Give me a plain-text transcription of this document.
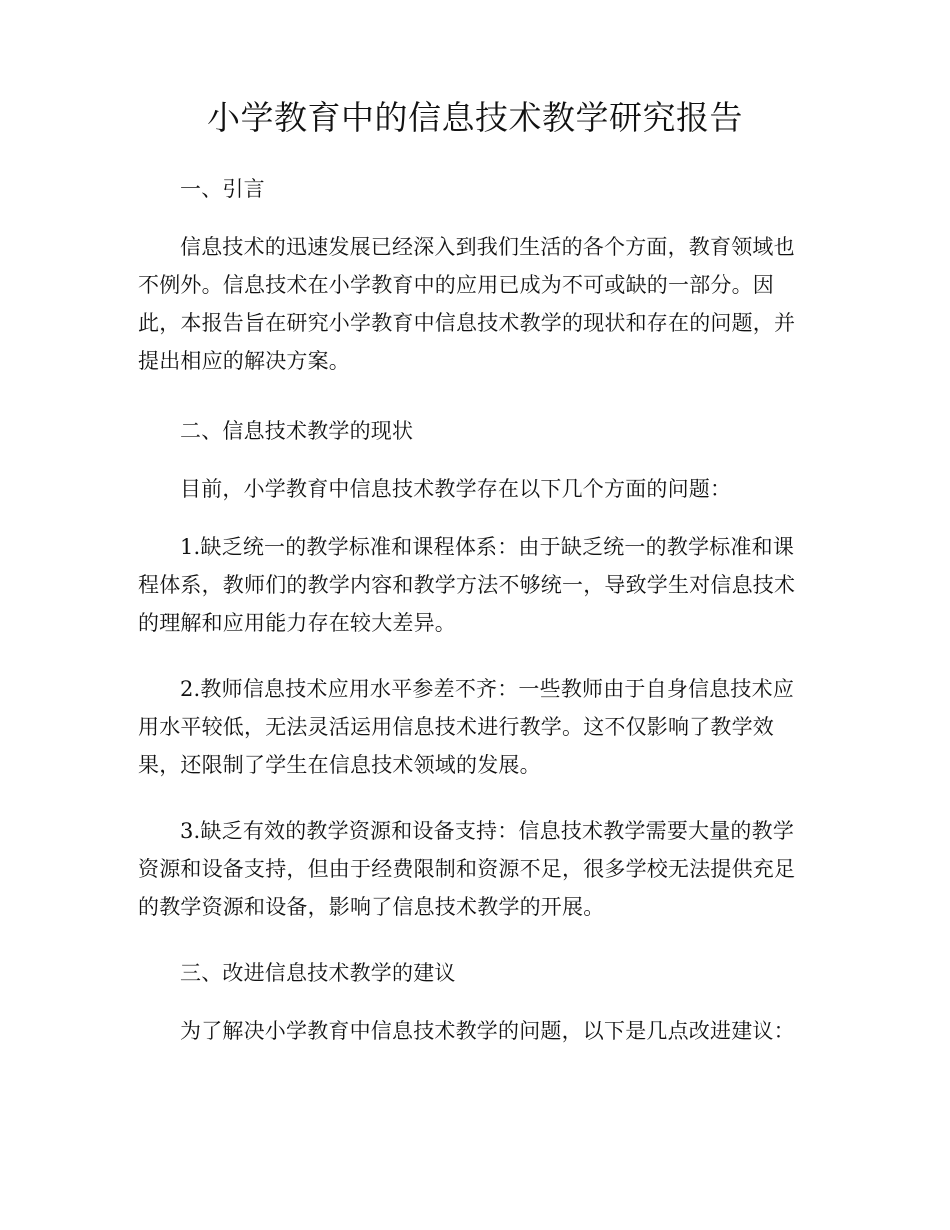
小学教育中的信息技术教学研究报告

一、引言

信息技术的迅速发展已经深入到我们生活的各个方面，教育领域也不例外。信息技术在小学教育中的应用已成为不可或缺的一部分。因此，本报告旨在研究小学教育中信息技术教学的现状和存在的问题，并提出相应的解决方案。

二、信息技术教学的现状

目前，小学教育中信息技术教学存在以下几个方面的问题：

1.缺乏统一的教学标准和课程体系：由于缺乏统一的教学标准和课程体系，教师们的教学内容和教学方法不够统一，导致学生对信息技术的理解和应用能力存在较大差异。

2.教师信息技术应用水平参差不齐：一些教师由于自身信息技术应用水平较低，无法灵活运用信息技术进行教学。这不仅影响了教学效果，还限制了学生在信息技术领域的发展。

3.缺乏有效的教学资源和设备支持：信息技术教学需要大量的教学资源和设备支持，但由于经费限制和资源不足，很多学校无法提供充足的教学资源和设备，影响了信息技术教学的开展。

三、改进信息技术教学的建议

为了解决小学教育中信息技术教学的问题，以下是几点改进建议：
